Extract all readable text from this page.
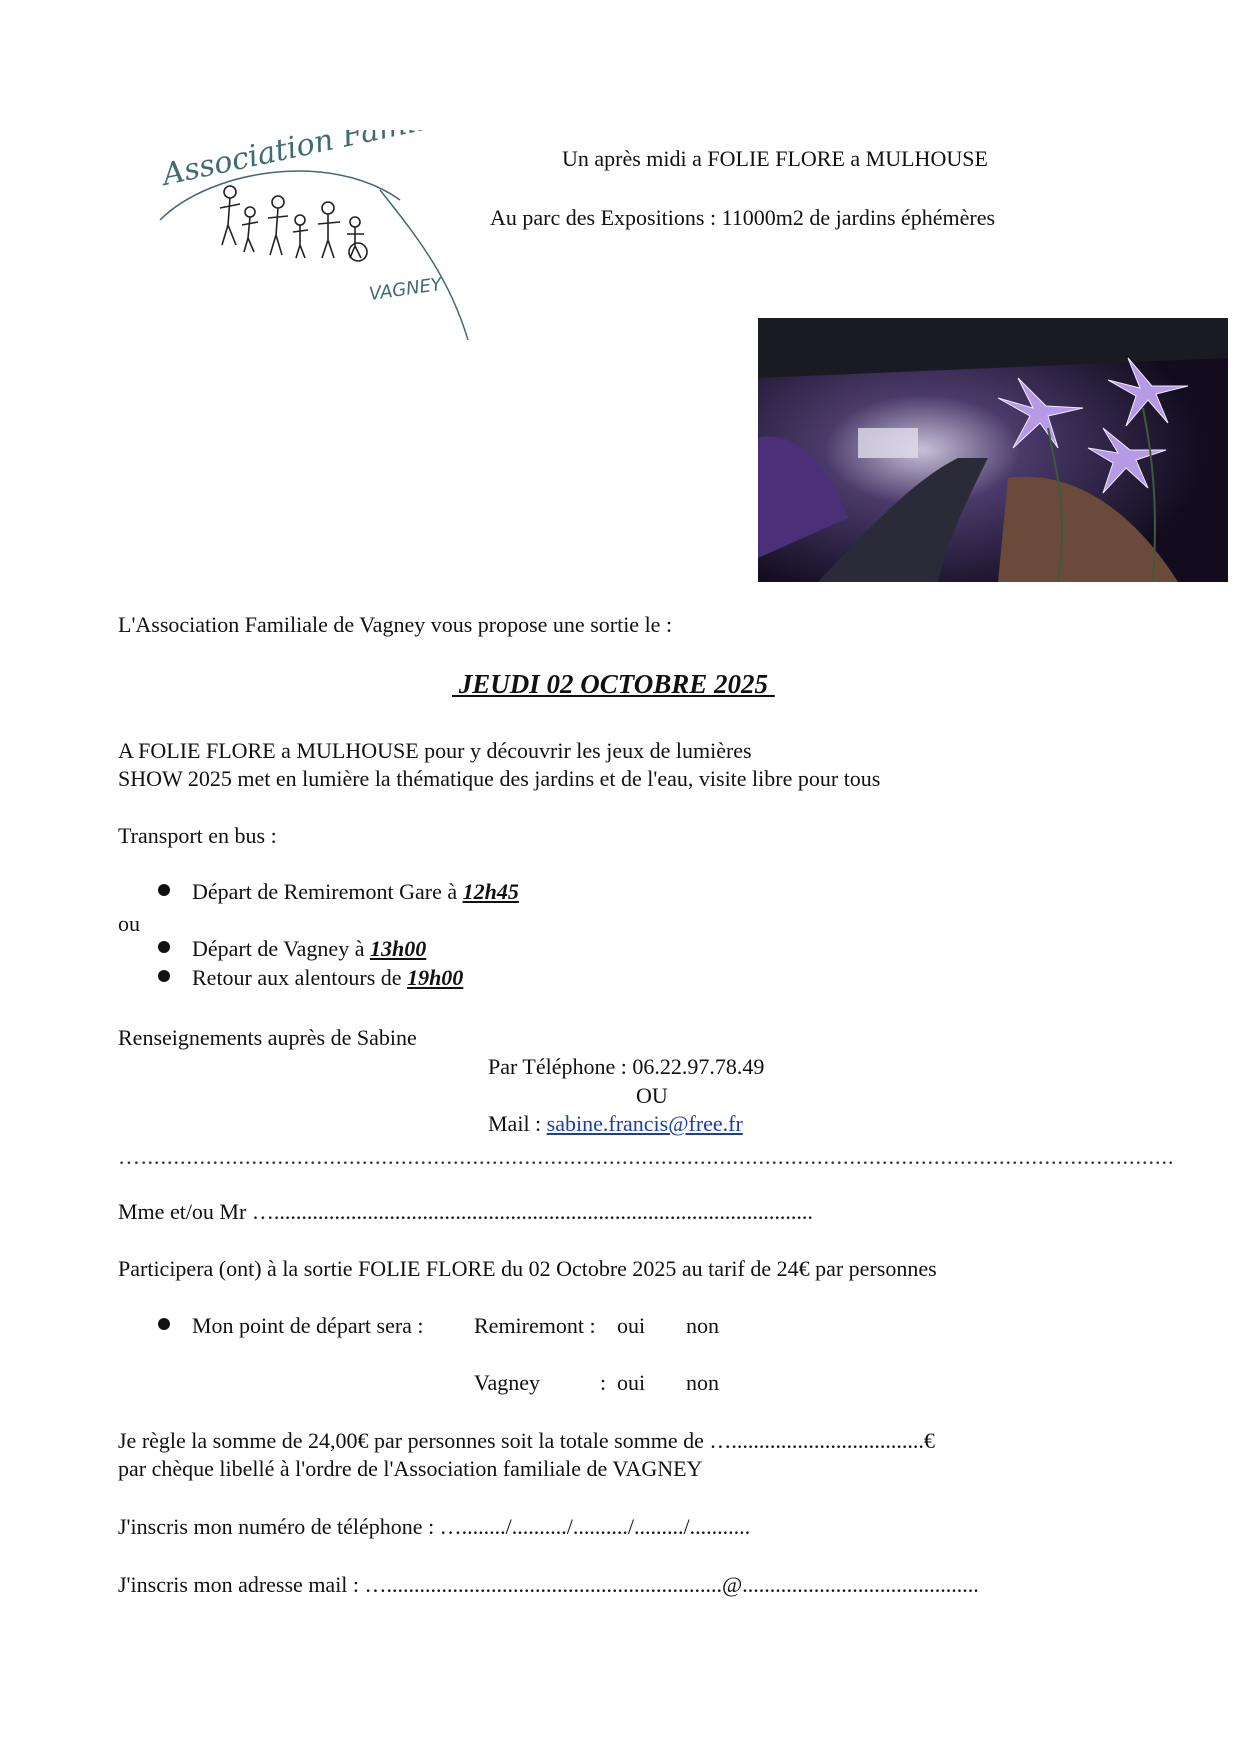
Association Familiale
VAGNEY
Un après midi a FOLIE FLORE a MULHOUSE
Au parc des Expositions : 11000m2 de jardins éphémères
L'Association Familiale de Vagney vous propose une sortie le :
JEUDI 02 OCTOBRE 2025
A FOLIE FLORE a MULHOUSE pour y découvrir les jeux de lumières
SHOW 2025 met en lumière la thématique des jardins et de l'eau, visite libre pour tous
Transport en bus :
Départ de Remiremont Gare à 12h45
ou
Départ de Vagney à 13h00
Retour aux alentours de 19h00
Renseignements auprès de Sabine
Par Téléphone : 06.22.97.78.49
OU
Mail : sabine.francis@free.fr
…...............................................................................................................................................................
Mme et/ou Mr …..................................................................................................
Participera (ont) à la sortie FOLIE FLORE du 02 Octobre 2025 au tarif de 24€ par personnes
Mon point de départ sera : Remiremont : oui non
Vagney	: oui non
Je règle la somme de 24,00€ par personnes soit la totale somme de …...................................€
par chèque libellé à l'ordre de l'Association familiale de VAGNEY
J'inscris mon numéro de téléphone : …......../........../........../........./...........
J'inscris mon adresse mail : ….............................................................@...........................................
